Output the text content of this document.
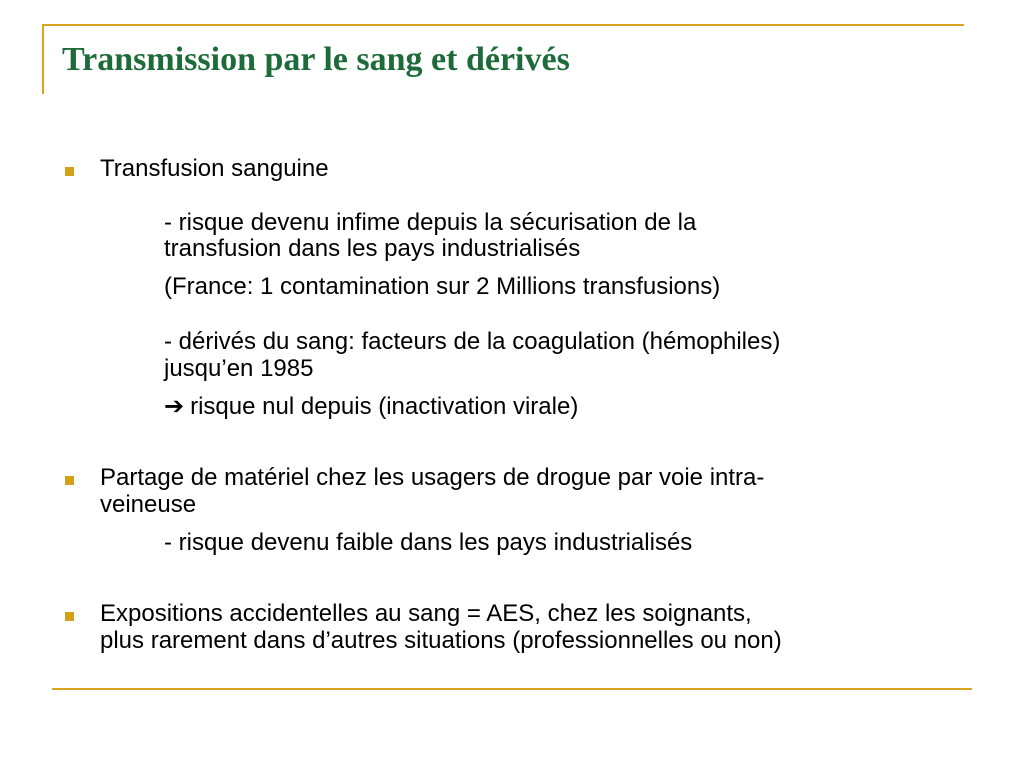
Transmission par le sang et dérivés
Transfusion sanguine
- risque devenu infime depuis la sécurisation de la
transfusion dans les pays industrialisés
(France: 1 contamination sur 2 Millions transfusions)
- dérivés du sang: facteurs de la coagulation (hémophiles)
jusqu’en 1985
➔ risque nul depuis (inactivation virale)
Partage de matériel chez les usagers de drogue par voie intra-
veineuse
- risque devenu faible dans les pays industrialisés
Expositions accidentelles au sang = AES, chez les soignants,
plus rarement dans d’autres situations (professionnelles ou non)
